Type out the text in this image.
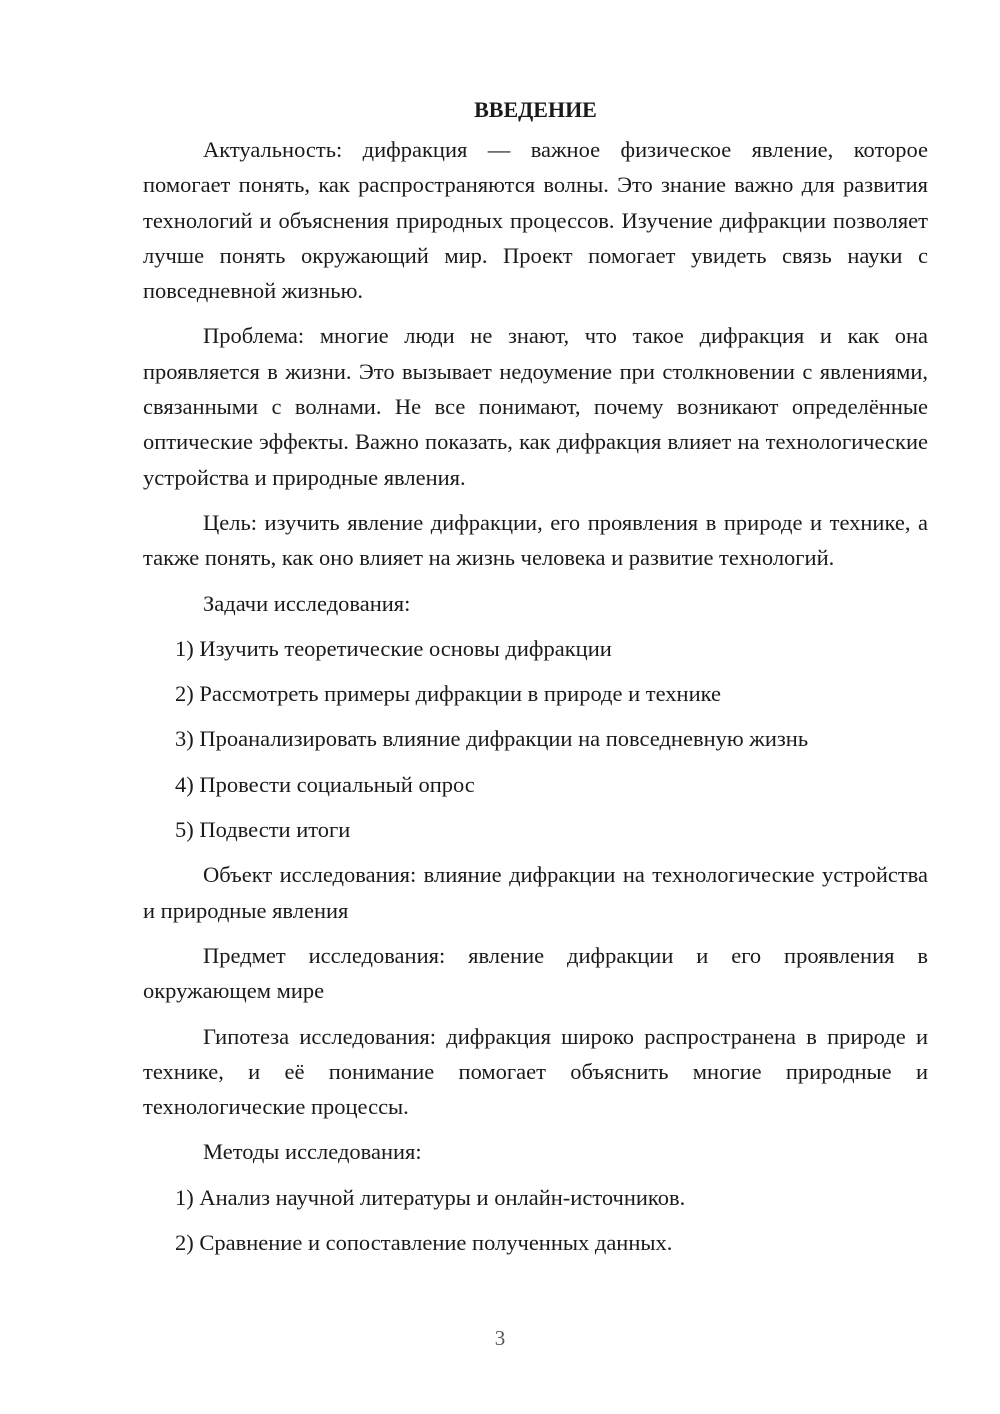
ВВЕДЕНИЕ

Актуальность: дифракция — важное физическое явление, которое помогает понять, как распространяются волны. Это знание важно для развития технологий и объяснения природных процессов. Изучение дифракции позволяет лучше понять окружающий мир. Проект помогает увидеть связь науки с повседневной жизнью.

Проблема: многие люди не знают, что такое дифракция и как она проявляется в жизни. Это вызывает недоумение при столкновении с явлениями, связанными с волнами. Не все понимают, почему возникают определённые оптические эффекты. Важно показать, как дифракция влияет на технологические устройства и природные явления.

Цель: изучить явление дифракции, его проявления в природе и технике, а также понять, как оно влияет на жизнь человека и развитие технологий.

Задачи исследования:

1) Изучить теоретические основы дифракции
2) Рассмотреть примеры дифракции в природе и технике
3) Проанализировать влияние дифракции на повседневную жизнь
4) Провести социальный опрос
5) Подвести итоги

Объект исследования: влияние дифракции на технологические устройства и природные явления

Предмет исследования: явление дифракции и его проявления в окружающем мире

Гипотеза исследования: дифракция широко распространена в природе и технике, и её понимание помогает объяснить многие природные и технологические процессы.

Методы исследования:

1) Анализ научной литературы и онлайн-источников.
2) Сравнение и сопоставление полученных данных.
3
